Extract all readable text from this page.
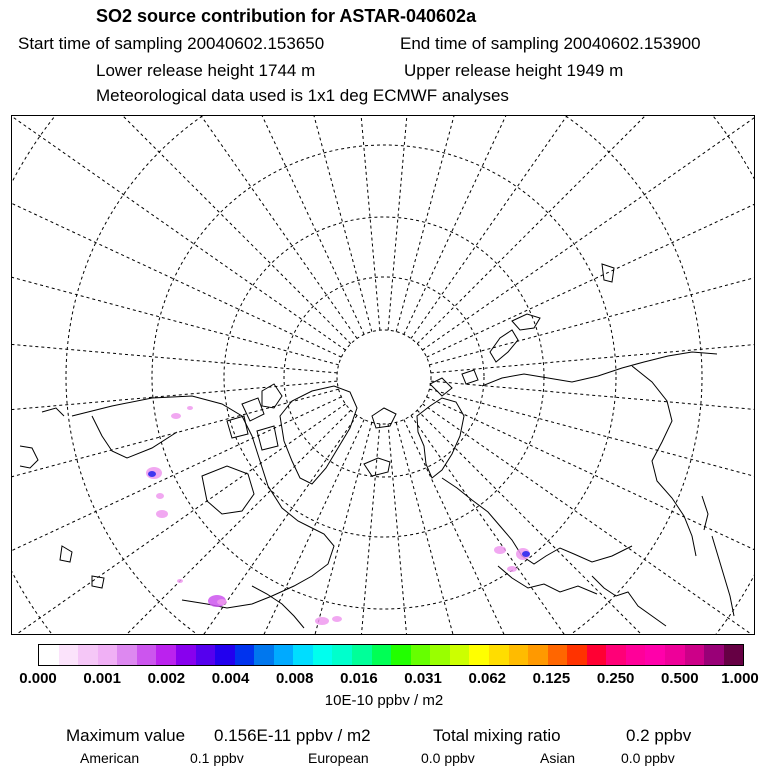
SO2 source contribution for ASTAR-040602a
Start time of sampling 20040602.153650	End time of sampling 20040602.153900
Lower release height 1744 m	Upper release height 1949 m
Meteorological data used is 1x1 deg ECMWF analyses
0.000 0.001 0.002 0.004 0.008 0.016 0.031 0.062 0.125 0.250 0.500 1.000
10E-10 ppbv / m2
Maximum value 0.156E-11 ppbv / m2	Total mixing ratio	0.2 ppbv
American	0.1 ppbv	European	0.0 ppbv	Asian	0.0 ppbv
